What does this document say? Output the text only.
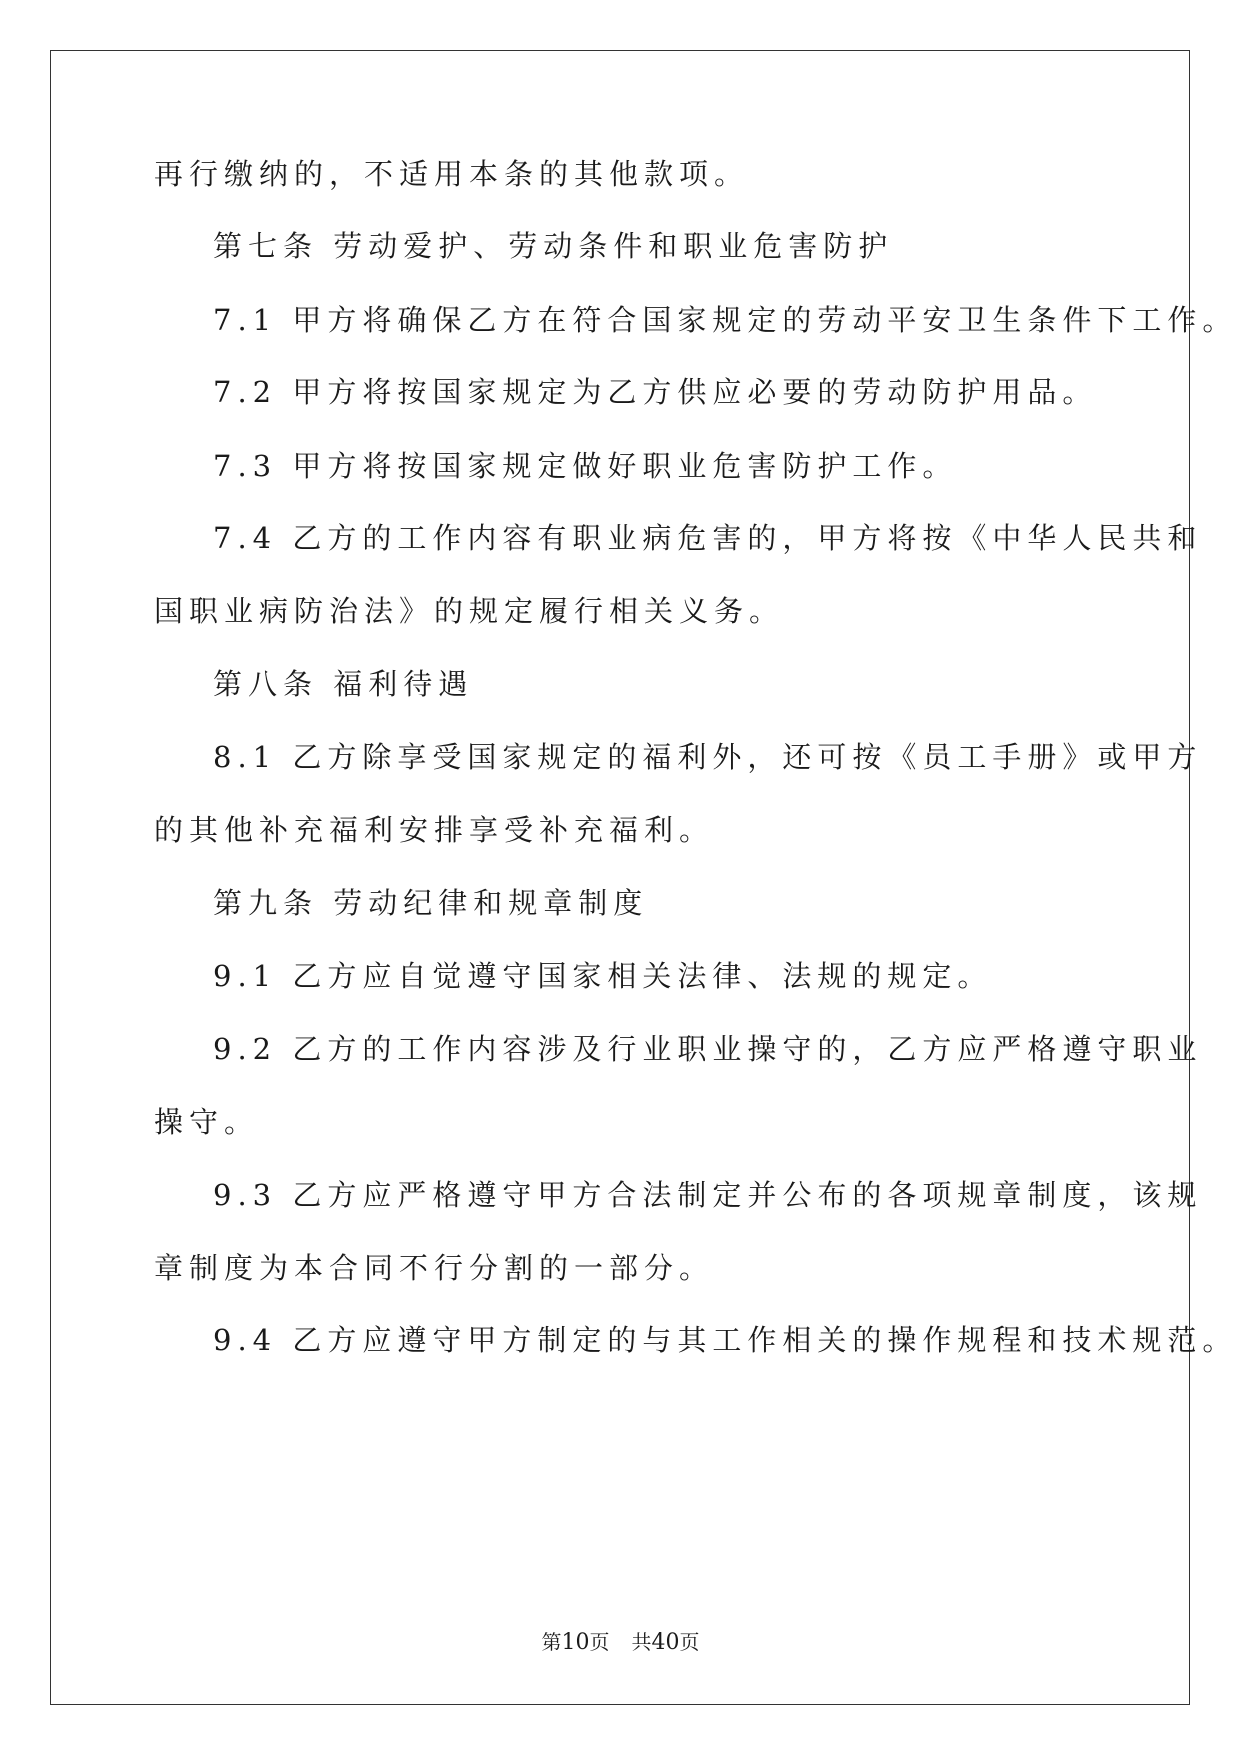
再行缴纳的，不适用本条的其他款项。
第七条 劳动爱护、劳动条件和职业危害防护
7.1 甲方将确保乙方在符合国家规定的劳动平安卫生条件下工作。
7.2 甲方将按国家规定为乙方供应必要的劳动防护用品。
7.3 甲方将按国家规定做好职业危害防护工作。
7.4 乙方的工作内容有职业病危害的，甲方将按《中华人民共和
国职业病防治法》的规定履行相关义务。
第八条 福利待遇
8.1 乙方除享受国家规定的福利外，还可按《员工手册》或甲方
的其他补充福利安排享受补充福利。
第九条 劳动纪律和规章制度
9.1 乙方应自觉遵守国家相关法律、法规的规定。
9.2 乙方的工作内容涉及行业职业操守的，乙方应严格遵守职业
操守。
9.3 乙方应严格遵守甲方合法制定并公布的各项规章制度，该规
章制度为本合同不行分割的一部分。
9.4 乙方应遵守甲方制定的与其工作相关的操作规程和技术规范。
第10页 共40页
